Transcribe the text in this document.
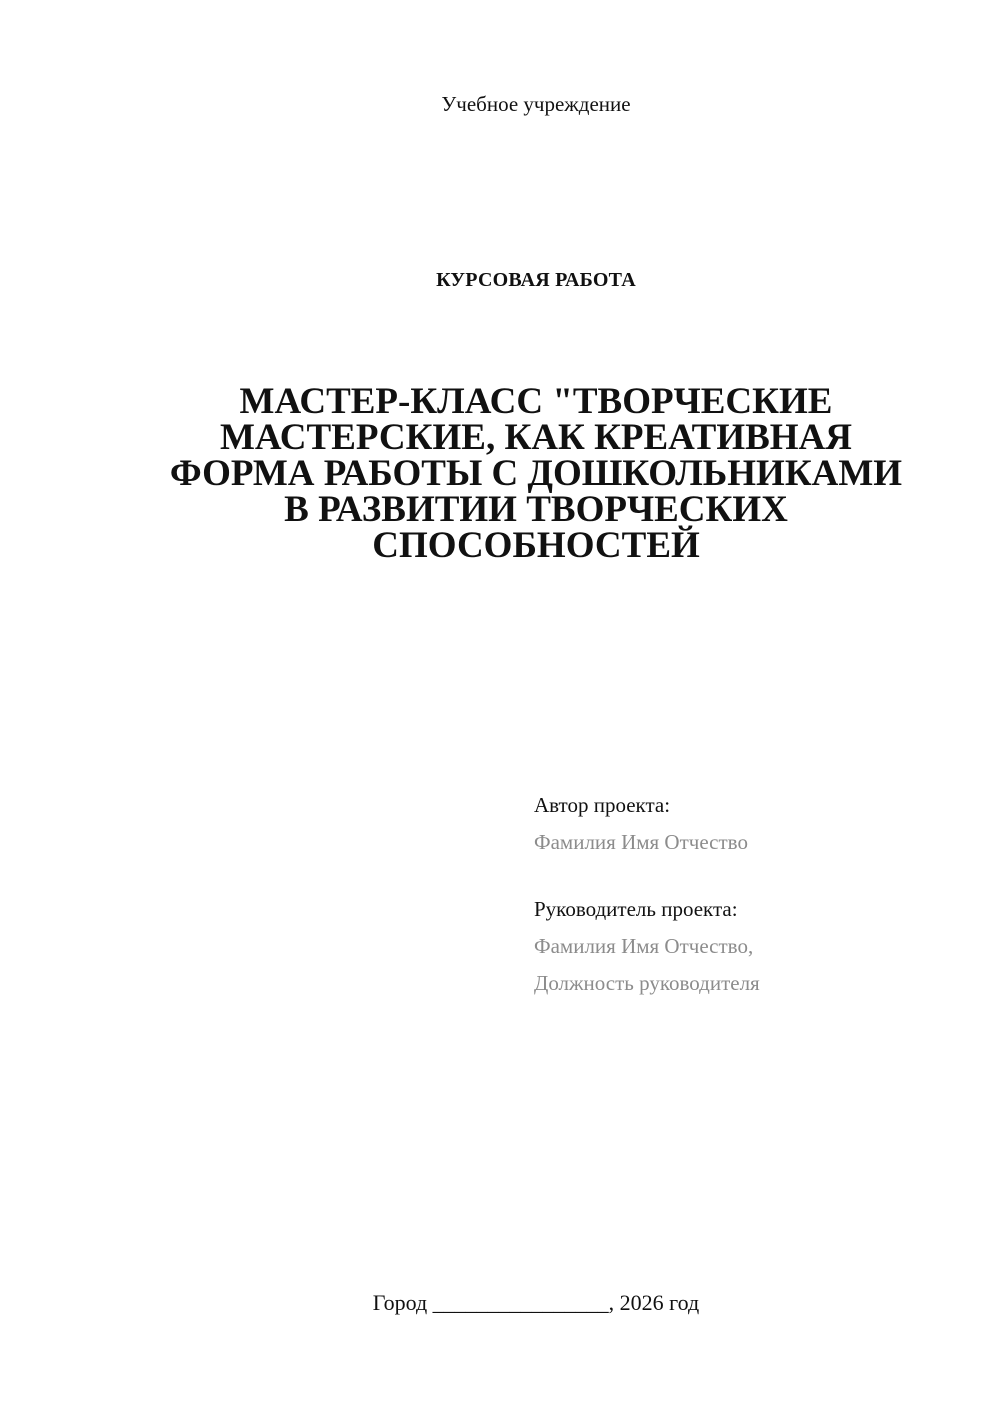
Учебное учреждение
КУРСОВАЯ РАБОТА
МАСТЕР-КЛАСС "ТВОРЧЕСКИЕ
МАСТЕРСКИЕ, КАК КРЕАТИВНАЯ
ФОРМА РАБОТЫ С ДОШКОЛЬНИКАМИ
В РАЗВИТИИ ТВОРЧЕСКИХ
СПОСОБНОСТЕЙ
Автор проекта:
Фамилия Имя Отчество
Руководитель проекта:
Фамилия Имя Отчество,
Должность руководителя
Город ________________, 2026 год
